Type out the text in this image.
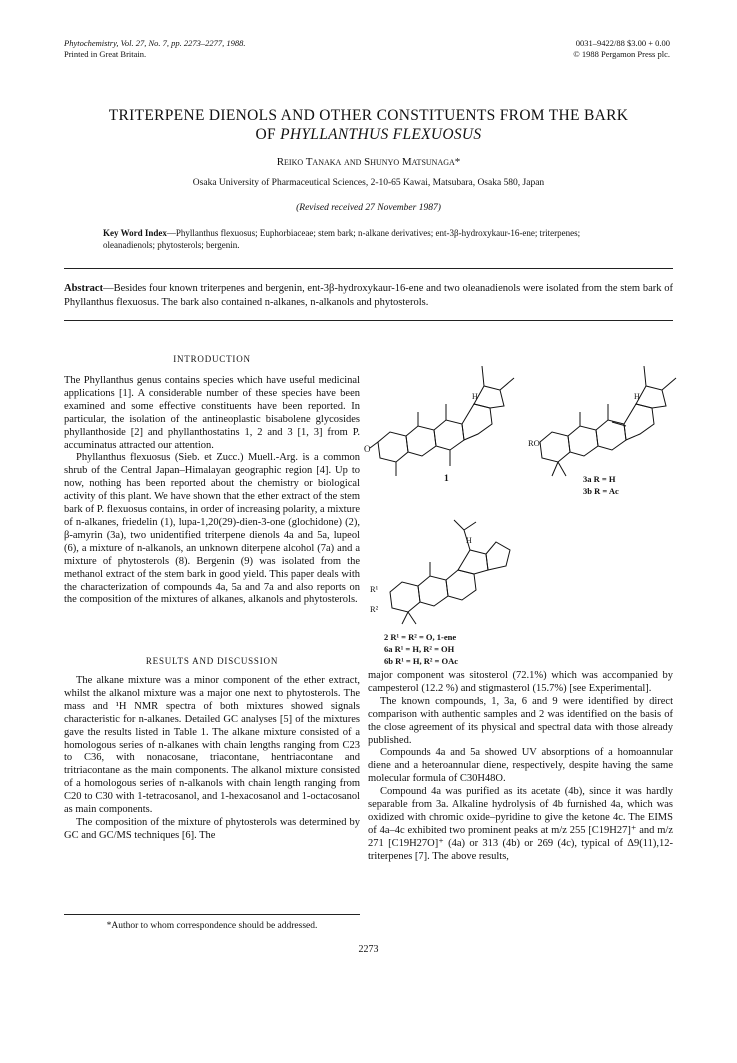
Phytochemistry, Vol. 27, No. 7, pp. 2273–2277, 1988.
Printed in Great Britain.
0031–9422/88 $3.00 + 0.00
© 1988 Pergamon Press plc.
TRITERPENE DIENOLS AND OTHER CONSTITUENTS FROM THE BARK
OF PHYLLANTHUS FLEXUOSUS
Reiko Tanaka and Shunyo Matsunaga*
Osaka University of Pharmaceutical Sciences, 2-10-65 Kawai, Matsubara, Osaka 580, Japan
(Revised received 27 November 1987)
Key Word Index—Phyllanthus flexuosus; Euphorbiaceae; stem bark; n-alkane derivatives; ent-3β-hydroxykaur-16-ene; triterpenes; oleanadienols; phytosterols; bergenin.
Abstract—Besides four known triterpenes and bergenin, ent-3β-hydroxykaur-16-ene and two oleanadienols were isolated from the stem bark of Phyllanthus flexuosus. The bark also contained n-alkanes, n-alkanols and phytosterols.
INTRODUCTION

The Phyllanthus genus contains species which have useful medicinal applications [1]. A considerable number of these species have been examined and some effective constituents have been reported. In particular, the isolation of the antineoplastic bisabolene glycosides phyllanthoside [2] and phyllanthostatins 1, 2 and 3 [1, 3] from P. accuminatus attracted our attention.

Phyllanthus flexuosus (Sieb. et Zucc.) Muell.-Arg. is a common shrub of the Central Japan–Himalayan geographic region [4]. Up to now, nothing has been reported about the chemistry or biological activity of this plant. We have shown that the ether extract of the stem bark of P. flexuosus contains, in order of increasing polarity, a mixture of n-alkanes, friedelin (1), lupa-1,20(29)-dien-3-one (glochidone) (2), β-amyrin (3a), two unidentified triterpene dienols 4a and 5a, lupeol (6), a mixture of n-alkanols, an unknown diterpene alcohol (7a) and a mixture of phytosterols (8). Bergenin (9) was isolated from the methanol extract of the stem bark in good yield. This paper deals with the characterization of compounds 4a, 5a and 7a and also reports on the composition of the mixtures of alkanes, alkanols and phytosterols.

RESULTS AND DISCUSSION

The alkane mixture was a minor component of the ether extract, whilst the alkanol mixture was a major one next to phytosterols. The mass and ¹H NMR spectra of both mixtures showed signals characteristic for n-alkanes. Detailed GC analyses [5] of the mixtures gave the results listed in Table 1. The alkane mixture consisted of a homologous series of n-alkanes with chain lengths ranging from C23 to C36, with nonacosane, triacontane, hentriacontane and tritriacontane as the main components. The alkanol mixture consisted of a homologous series of n-alkanols with chain length ranging from C20 to C30 with 1-tetracosanol, and 1-hexacosanol and 1-octacosanol as main components.

The composition of the mixture of phytosterols was determined by GC and GC/MS techniques [6]. The

major component was sitosterol (72.1%) which was accompanied by campesterol (12.2 %) and stigmasterol (15.7%) [see Experimental].

The known compounds, 1, 3a, 6 and 9 were identified by direct comparison with authentic samples and 2 was identified on the basis of the close agreement of its physical and spectral data with those already published.

Compounds 4a and 5a showed UV absorptions of a homoannular diene and a heteroannular diene, respectively, despite having the same molecular formula of C30H48O.

Compound 4a was purified as its acetate (4b), since it was hardly separable from 3a. Alkaline hydrolysis of 4b furnished 4a, which was oxidized with chromic oxide–pyridine to give the ketone 4c. The EIMS of 4a–4c exhibited two prominent peaks at m/z 255 [C19H27]⁺ and m/z 271 [C19H27O]⁺ (4a) or 313 (4b) or 269 (4c), typical of Δ9(11),12-triterpenes [7]. The above results,

*Author to whom correspondence should be addressed.
2273
O
H
1
RO
H
3a R = H
3b R = Ac
H
R¹
R²
2 R¹ = R² = O, 1-ene
6a R¹ = H, R² = OH
6b R¹ = H, R² = OAc
